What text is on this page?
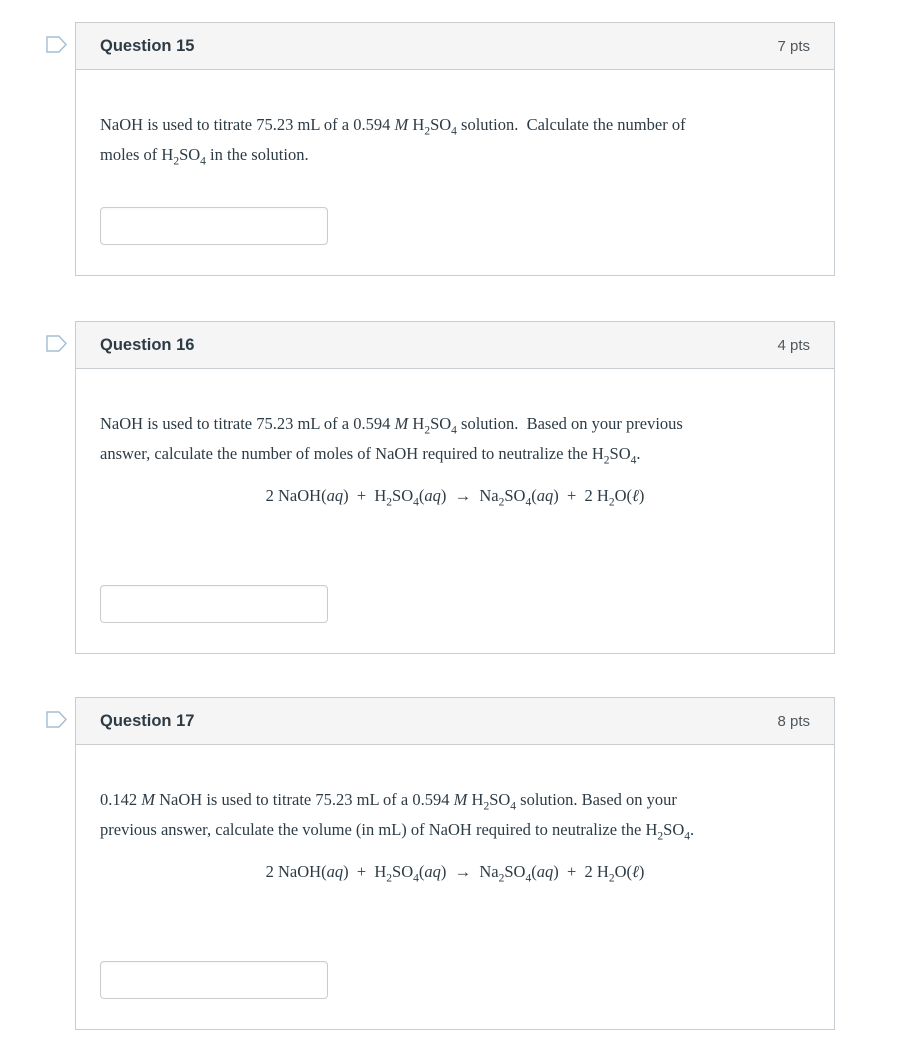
Question 15	7 pts

NaOH is used to titrate 75.23 mL of a 0.594 M $H_2SO_4$ solution.  Calculate the number of
moles of $H_2SO_4$ in the solution.

Question 16	4 pts

NaOH is used to titrate 75.23 mL of a 0.594 M $H_2SO_4$ solution.  Based on your previous
answer, calculate the number of moles of NaOH required to neutralize the $H_2SO_4$.

2 NaOH(aq)  +  $H_2SO_4(aq) \to Na_2SO_4(aq) + 2$ $H_2O(\ell)$

Question 17	8 pts

0.142 M NaOH is used to titrate 75.23 mL of a 0.594 M $H_2SO_4$ solution. Based on your
previous answer, calculate the volume (in mL) of NaOH required to neutralize the $H_2SO_4$.

2 NaOH(aq)  +  $H_2SO_4(aq) \to Na_2SO_4(aq) + 2$ $H_2O(\ell)$
